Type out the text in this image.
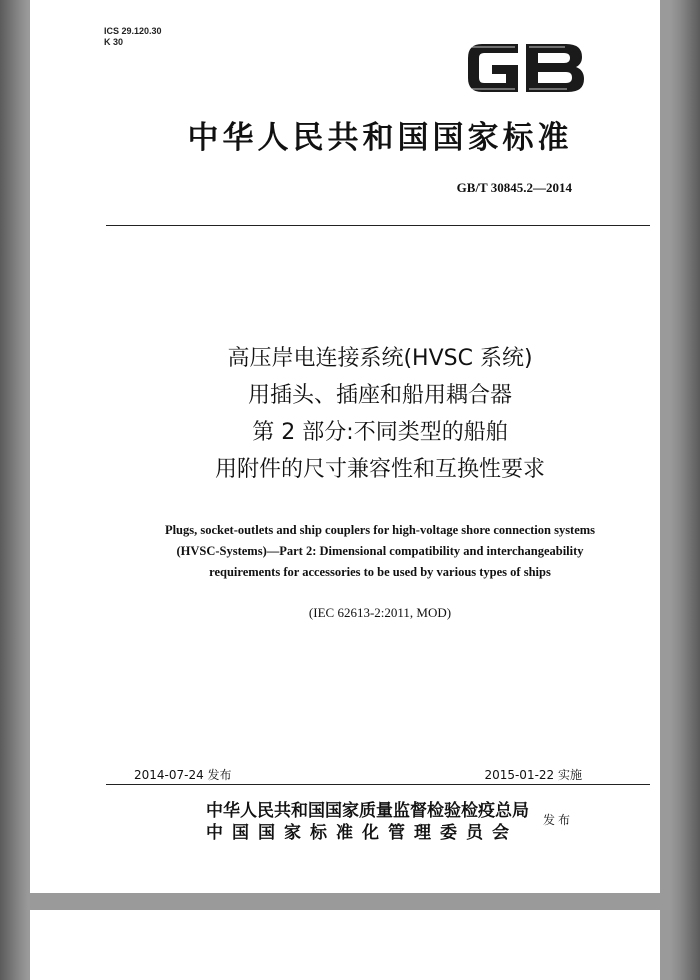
ICS 29.120.30
K 30
中华人民共和国国家标准
GB/T 30845.2—2014
高压岸电连接系统(HVSC 系统)
用插头、插座和船用耦合器
第 2 部分:不同类型的船舶
用附件的尺寸兼容性和互换性要求
Plugs, socket-outlets and ship couplers for high-voltage shore connection systems
(HVSC-Systems)—Part 2: Dimensional compatibility and interchangeability
requirements for accessories to be used by various types of ships
(IEC 62613-2:2011, MOD)
2014-07-24 发布	2015-01-22 实施
中华人民共和国国家质量监督检验检疫总局
中国国家标准化管理委员会
发布
